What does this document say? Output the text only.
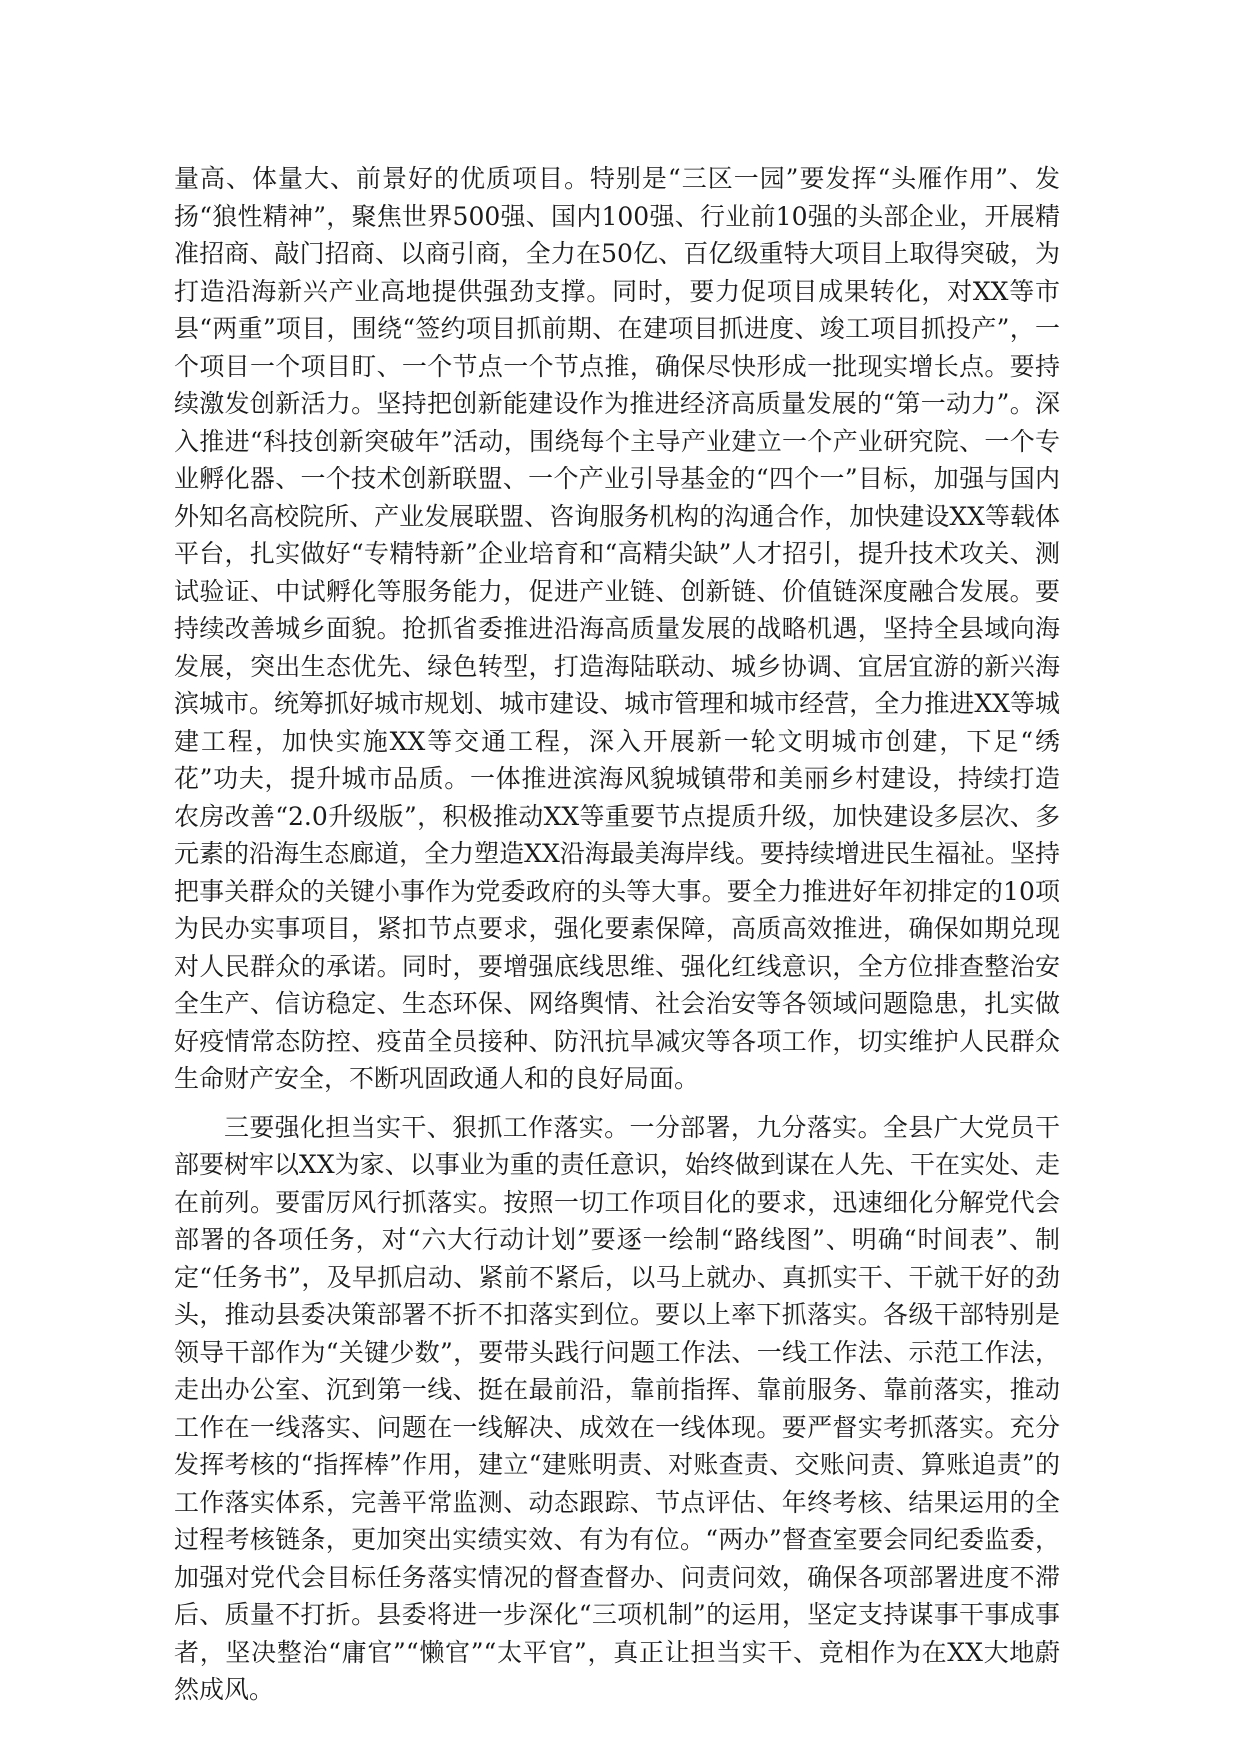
量高、体量大、前景好的优质项目。特别是“三区一园”要发挥“头雁作用”、发扬“狼性精神”，聚焦世界500强、国内100强、行业前10强的头部企业，开展精准招商、敲门招商、以商引商，全力在50亿、百亿级重特大项目上取得突破，为打造沿海新兴产业高地提供强劲支撑。同时，要力促项目成果转化，对XX等市县“两重”项目，围绕“签约项目抓前期、在建项目抓进度、竣工项目抓投产”，一个项目一个项目盯、一个节点一个节点推，确保尽快形成一批现实增长点。要持续激发创新活力。坚持把创新能建设作为推进经济高质量发展的“第一动力”。深入推进“科技创新突破年”活动，围绕每个主导产业建立一个产业研究院、一个专业孵化器、一个技术创新联盟、一个产业引导基金的“四个一”目标，加强与国内外知名高校院所、产业发展联盟、咨询服务机构的沟通合作，加快建设XX等载体平台，扎实做好“专精特新”企业培育和“高精尖缺”人才招引，提升技术攻关、测试验证、中试孵化等服务能力，促进产业链、创新链、价值链深度融合发展。要持续改善城乡面貌。抢抓省委推进沿海高质量发展的战略机遇，坚持全县域向海发展，突出生态优先、绿色转型，打造海陆联动、城乡协调、宜居宜游的新兴海滨城市。统筹抓好城市规划、城市建设、城市管理和城市经营，全力推进XX等城建工程，加快实施XX等交通工程，深入开展新一轮文明城市创建，下足“绣花”功夫，提升城市品质。一体推进滨海风貌城镇带和美丽乡村建设，持续打造农房改善“2.0升级版”，积极推动XX等重要节点提质升级，加快建设多层次、多元素的沿海生态廊道，全力塑造XX沿海最美海岸线。要持续增进民生福祉。坚持把事关群众的关键小事作为党委政府的头等大事。要全力推进好年初排定的10项为民办实事项目，紧扣节点要求，强化要素保障，高质高效推进，确保如期兑现对人民群众的承诺。同时，要增强底线思维、强化红线意识，全方位排查整治安全生产、信访稳定、生态环保、网络舆情、社会治安等各领域问题隐患，扎实做好疫情常态防控、疫苗全员接种、防汛抗旱减灾等各项工作，切实维护人民群众生命财产安全，不断巩固政通人和的良好局面。

三要强化担当实干、狠抓工作落实。一分部署，九分落实。全县广大党员干部要树牢以XX为家、以事业为重的责任意识，始终做到谋在人先、干在实处、走在前列。要雷厉风行抓落实。按照一切工作项目化的要求，迅速细化分解党代会部署的各项任务，对“六大行动计划”要逐一绘制“路线图”、明确“时间表”、制定“任务书”，及早抓启动、紧前不紧后，以马上就办、真抓实干、干就干好的劲头，推动县委决策部署不折不扣落实到位。要以上率下抓落实。各级干部特别是领导干部作为“关键少数”，要带头践行问题工作法、一线工作法、示范工作法，走出办公室、沉到第一线、挺在最前沿，靠前指挥、靠前服务、靠前落实，推动工作在一线落实、问题在一线解决、成效在一线体现。要严督实考抓落实。充分发挥考核的“指挥棒”作用，建立“建账明责、对账查责、交账问责、算账追责”的工作落实体系，完善平常监测、动态跟踪、节点评估、年终考核、结果运用的全过程考核链条，更加突出实绩实效、有为有位。“两办”督查室要会同纪委监委，加强对党代会目标任务落实情况的督查督办、问责问效，确保各项部署进度不滞后、质量不打折。县委将进一步深化“三项机制”的运用，坚定支持谋事干事成事者，坚决整治“庸官”“懒官”“太平官”，真正让担当实干、竞相作为在XX大地蔚然成风。
